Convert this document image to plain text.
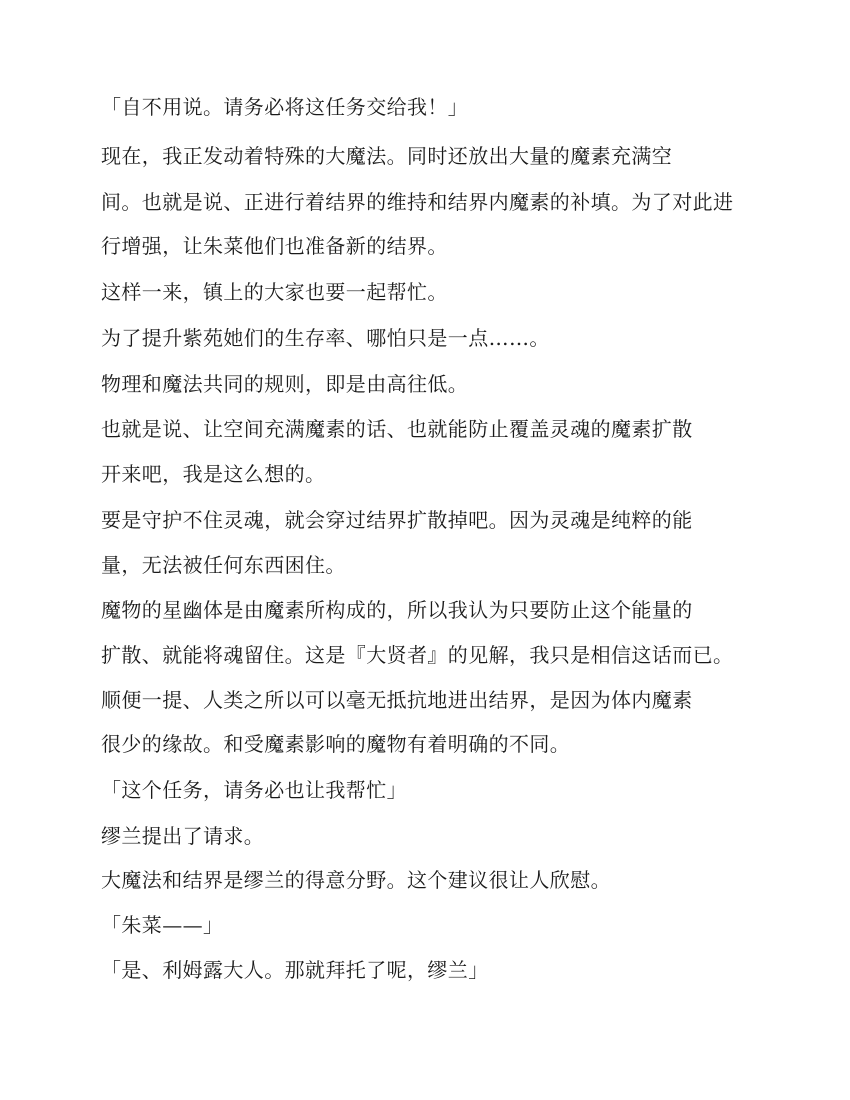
「自不用说。请务必将这任务交给我！」
现在，我正发动着特殊的大魔法。同时还放出大量的魔素充满空
间。也就是说、正进行着结界的维持和结界内魔素的补填。为了对此进
行增强，让朱菜他们也准备新的结界。
这样一来，镇上的大家也要一起帮忙。
为了提升紫苑她们的生存率、哪怕只是一点……。
物理和魔法共同的规则，即是由高往低。
也就是说、让空间充满魔素的话、也就能防止覆盖灵魂的魔素扩散
开来吧，我是这么想的。
要是守护不住灵魂，就会穿过结界扩散掉吧。因为灵魂是纯粹的能
量，无法被任何东西困住。
魔物的星幽体是由魔素所构成的，所以我认为只要防止这个能量的
扩散、就能将魂留住。这是『大贤者』的见解，我只是相信这话而已。
顺便一提、人类之所以可以毫无抵抗地进出结界，是因为体内魔素
很少的缘故。和受魔素影响的魔物有着明确的不同。
「这个任务，请务必也让我帮忙」
缪兰提出了请求。
大魔法和结界是缪兰的得意分野。这个建议很让人欣慰。
「朱菜——」
「是、利姆露大人。那就拜托了呢，缪兰」
